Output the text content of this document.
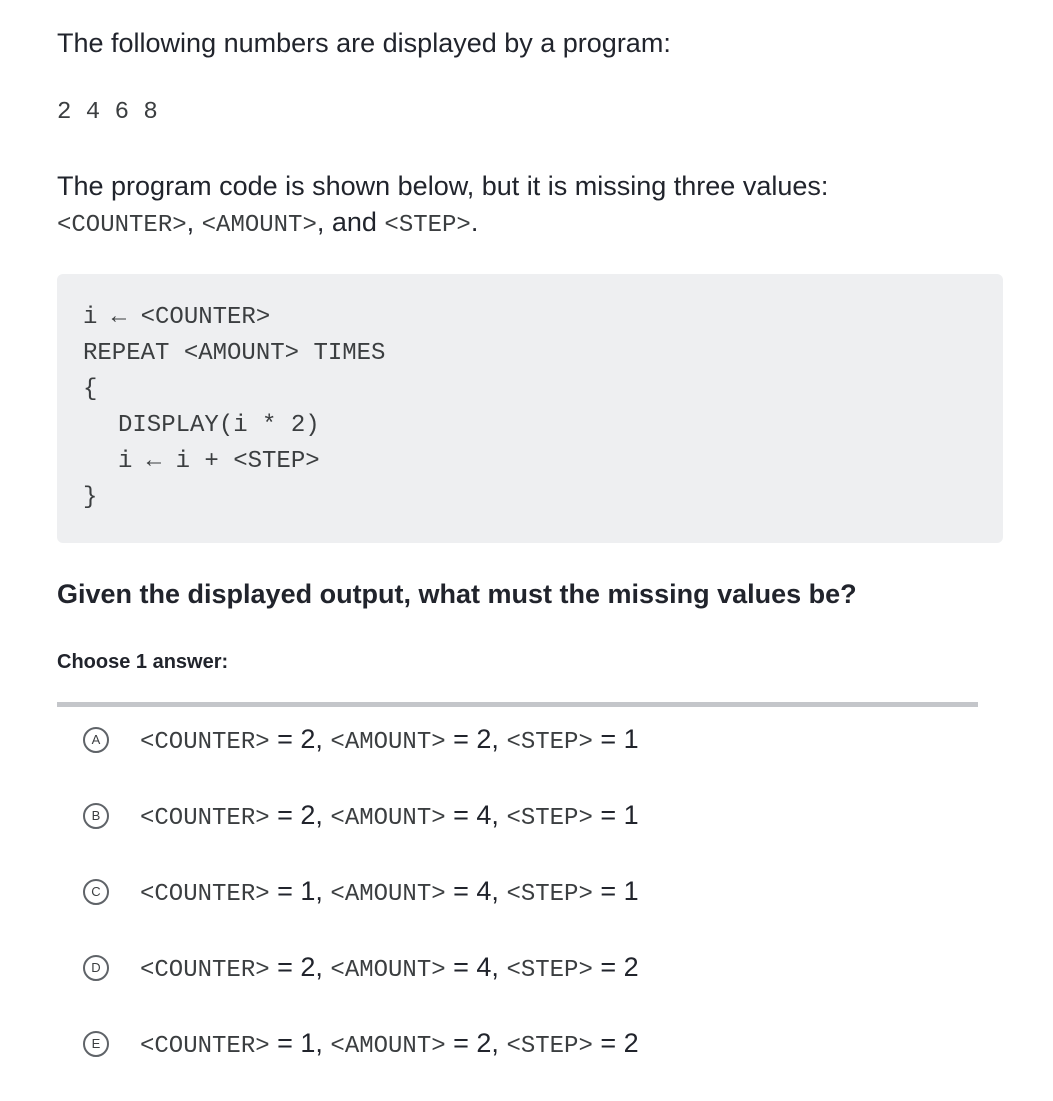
The following numbers are displayed by a program:
2 4 6 8
The program code is shown below, but it is missing three values:
<COUNTER>, <AMOUNT>, and <STEP>.
i ← <COUNTER>
REPEAT <AMOUNT> TIMES
{
DISPLAY(i * 2)
i ← i + <STEP>
}
Given the displayed output, what must the missing values be?
Choose 1 answer:
A	<COUNTER> = 2, <AMOUNT> = 2, <STEP> = 1
B	<COUNTER> = 2, <AMOUNT> = 4, <STEP> = 1
C	<COUNTER> = 1, <AMOUNT> = 4, <STEP> = 1
D	<COUNTER> = 2, <AMOUNT> = 4, <STEP> = 2
E	<COUNTER> = 1, <AMOUNT> = 2, <STEP> = 2
